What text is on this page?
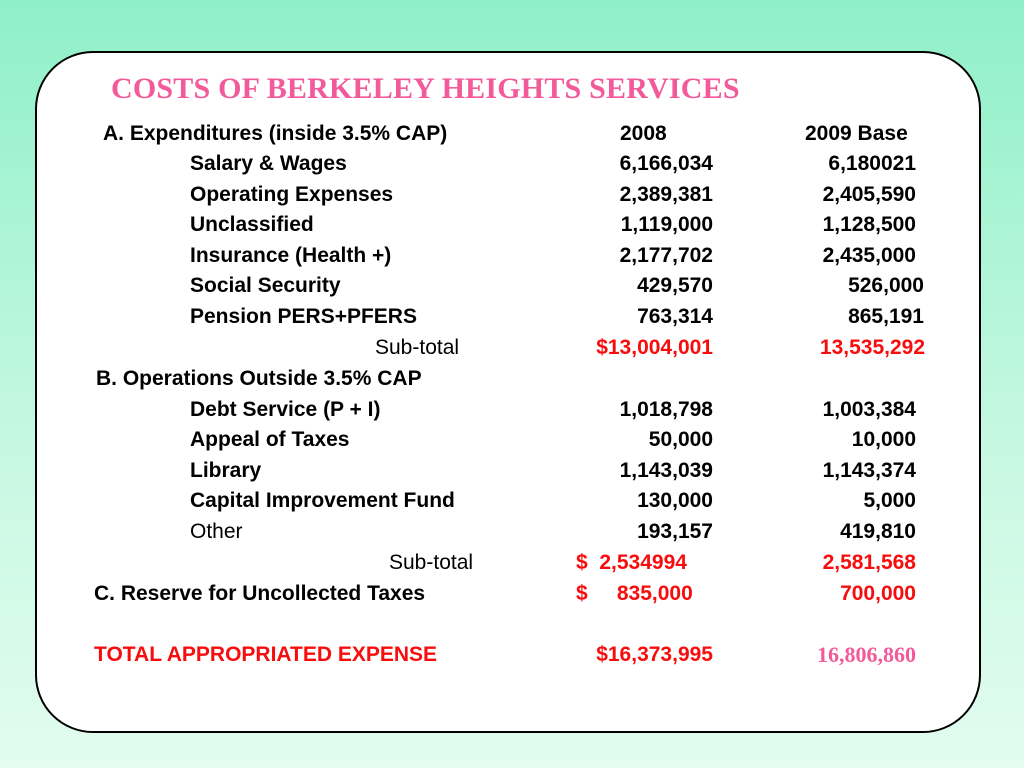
COSTS OF BERKELEY HEIGHTS SERVICES
A. Expenditures (inside 3.5% CAP)	2008	2009 Base
Salary & Wages	6,166,034	6,180021
Operating Expenses	2,389,381	2,405,590
Unclassified	1,119,000	1,128,500
Insurance (Health +)	2,177,702	2,435,000
Social Security	429,570	526,000
Pension PERS+PFERS	763,314	865,191
Sub-total	$13,004,001	13,535,292
B. Operations Outside 3.5% CAP
Debt Service (P + I)	1,018,798	1,003,384
Appeal of Taxes	50,000	10,000
Library	1,143,039	1,143,374
Capital Improvement Fund	130,000	5,000
Other	193,157	419,810
Sub-total	$  2,534994	2,581,568
C. Reserve for Uncollected Taxes	$     835,000	700,000
TOTAL APPROPRIATED EXPENSE	$16,373,995	16,806,860
